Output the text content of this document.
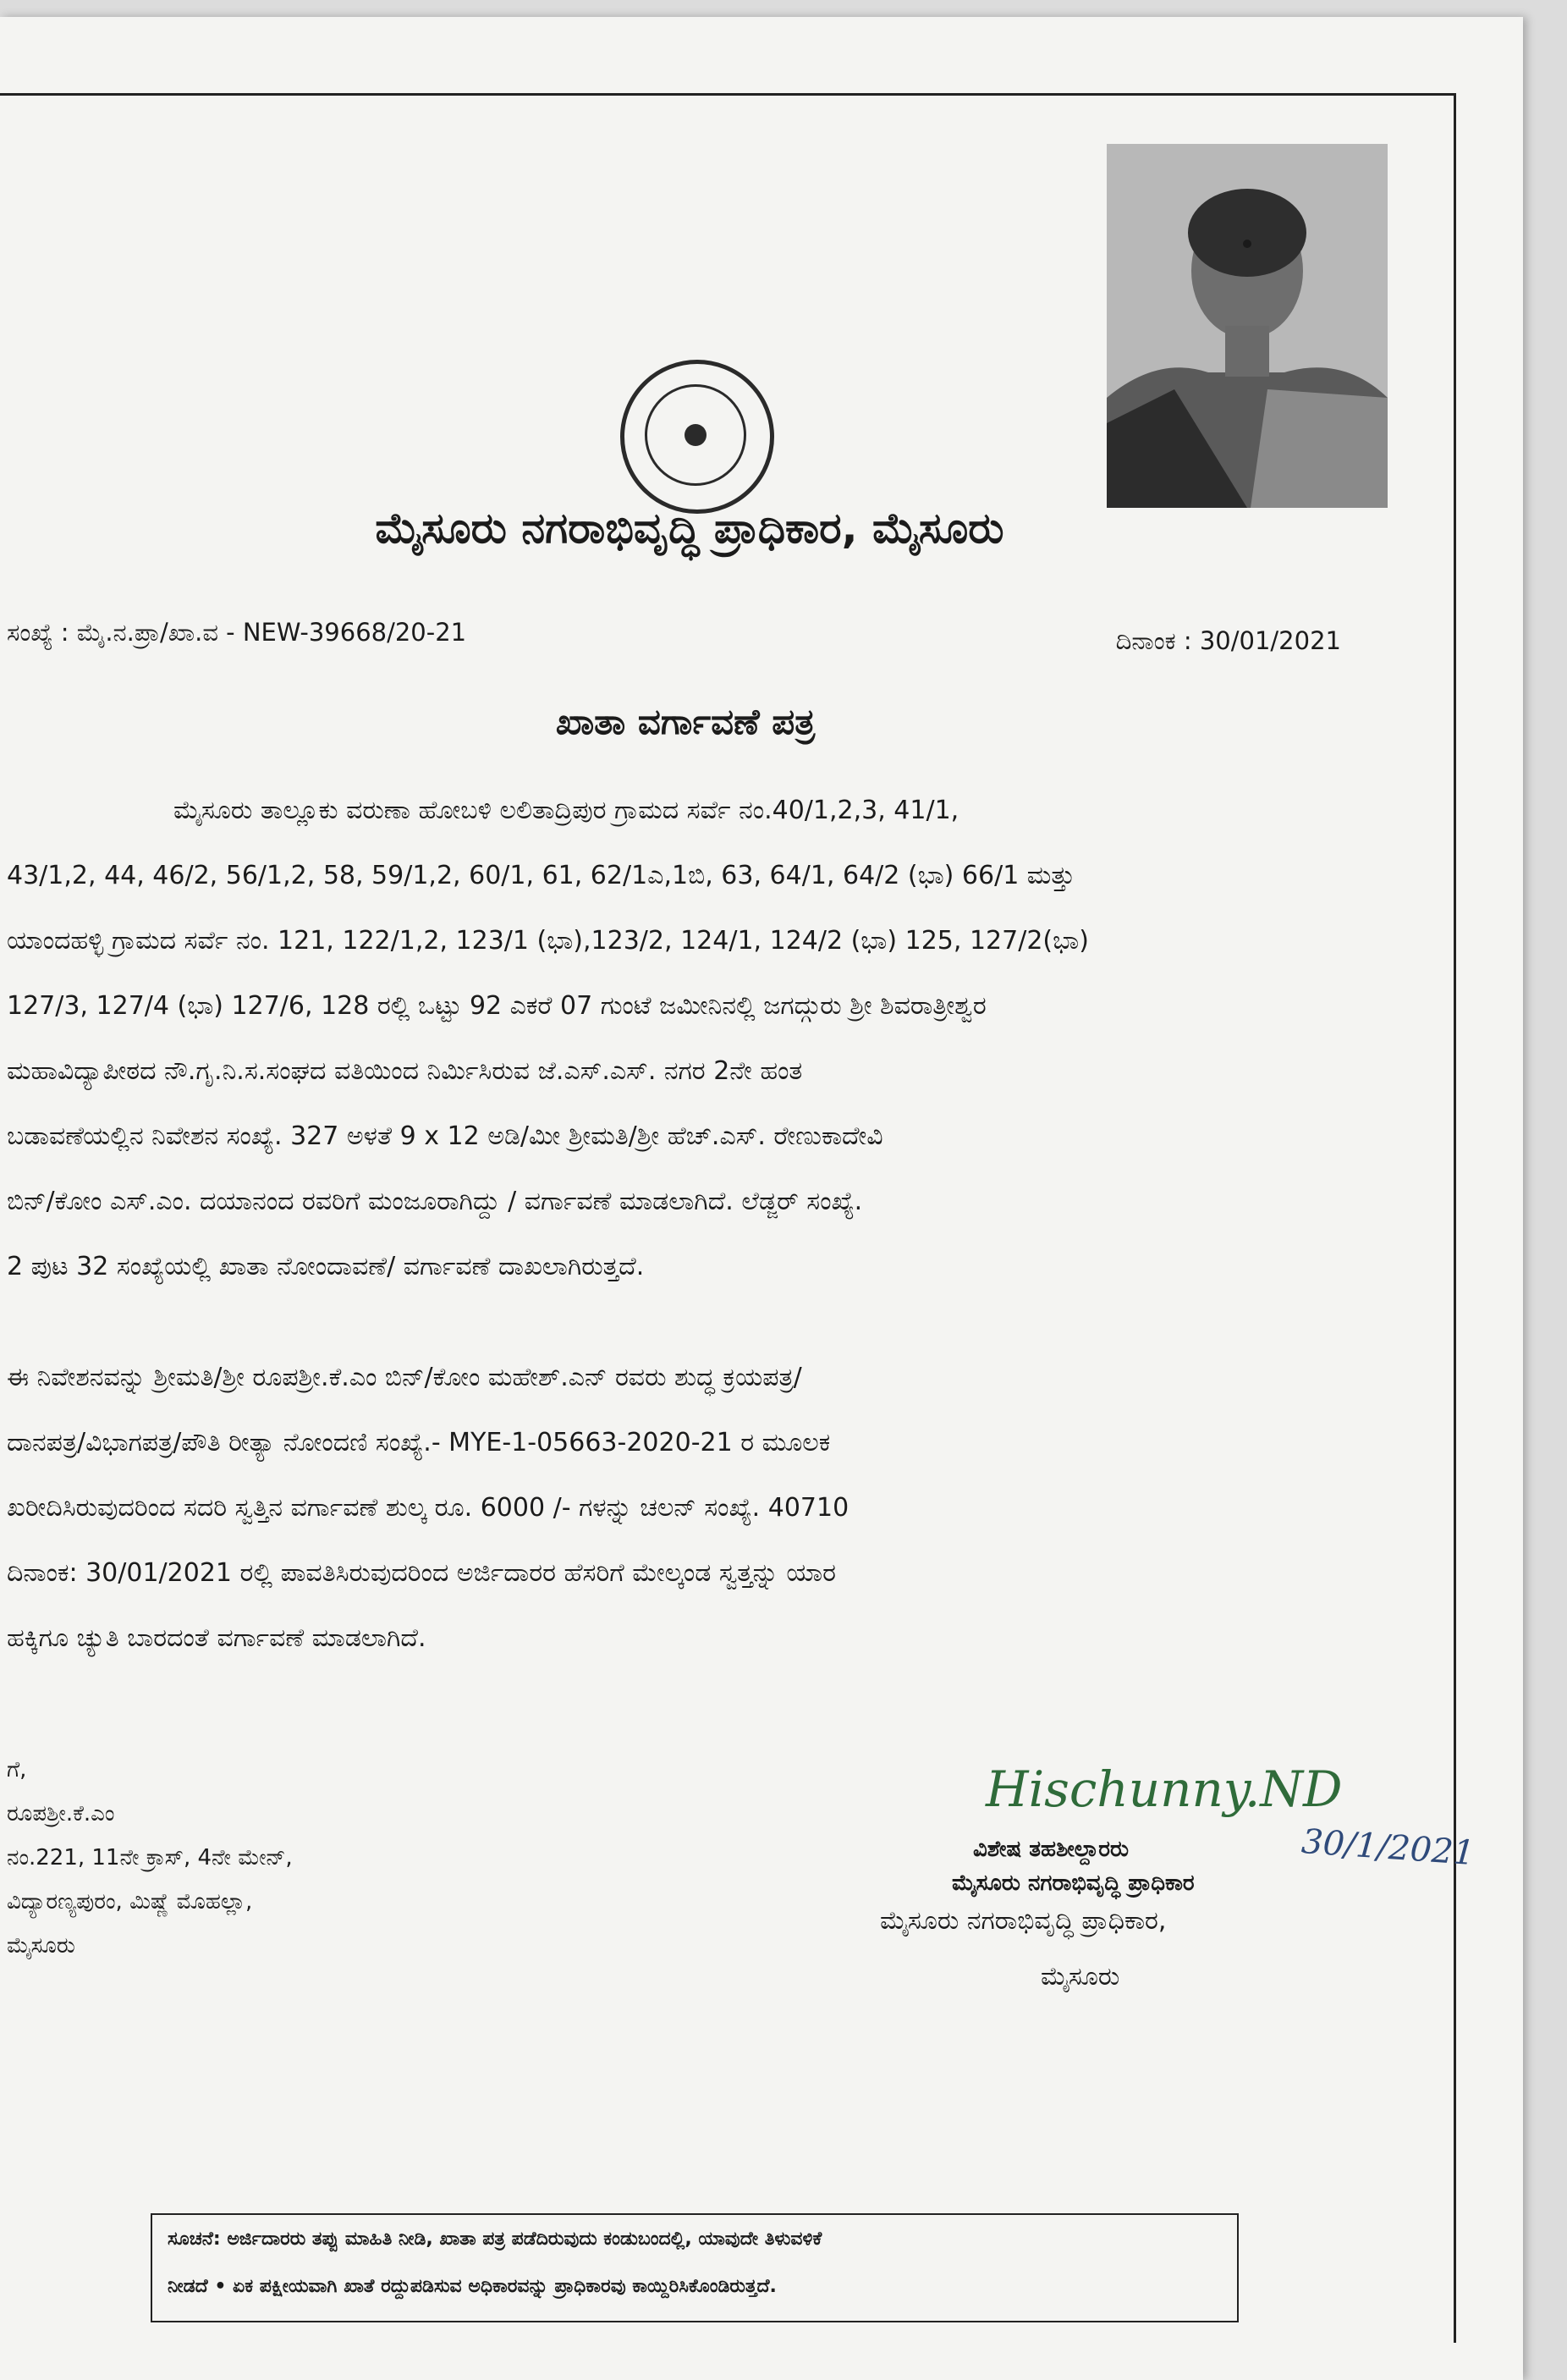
ಮೈಸೂರು ನಗರಾಭಿವೃದ್ಧಿ ಪ್ರಾಧಿಕಾರ, ಮೈಸೂರು
ಸಂಖ್ಯೆ : ಮೈ.ನ.ಪ್ರಾ/ಖಾ.ವ - NEW-39668/20-21	ದಿನಾಂಕ : 30/01/2021
ಖಾತಾ ವರ್ಗಾವಣೆ ಪತ್ರ
ಮೈಸೂರು ತಾಲ್ಲೂಕು ವರುಣಾ ಹೋಬಳಿ ಲಲಿತಾದ್ರಿಪುರ ಗ್ರಾಮದ ಸರ್ವೆ ನಂ.40/1,2,3, 41/1,
43/1,2, 44, 46/2, 56/1,2, 58, 59/1,2, 60/1, 61, 62/1ಎ,1ಬಿ, 63, 64/1, 64/2 (ಭಾ) 66/1 ಮತ್ತು
ಯಾಂದಹಳ್ಳಿ ಗ್ರಾಮದ ಸರ್ವೆ ನಂ. 121, 122/1,2, 123/1 (ಭಾ),123/2, 124/1, 124/2 (ಭಾ) 125, 127/2(ಭಾ)
127/3, 127/4 (ಭಾ) 127/6, 128 ರಲ್ಲಿ ಒಟ್ಟು 92 ಎಕರೆ 07 ಗುಂಟೆ ಜಮೀನಿನಲ್ಲಿ ಜಗದ್ಗುರು ಶ್ರೀ ಶಿವರಾತ್ರೀಶ್ವರ
ಮಹಾವಿದ್ಯಾಪೀಠದ ನೌ.ಗೃ.ನಿ.ಸ.ಸಂಘದ ವತಿಯಿಂದ ನಿರ್ಮಿಸಿರುವ ಜೆ.ಎಸ್.ಎಸ್. ನಗರ 2ನೇ ಹಂತ
ಬಡಾವಣೆಯಲ್ಲಿನ ನಿವೇಶನ ಸಂಖ್ಯೆ. 327 ಅಳತೆ 9 x 12 ಅಡಿ/ಮೀ ಶ್ರೀಮತಿ/ಶ್ರೀ ಹೆಚ್.ಎಸ್. ರೇಣುಕಾದೇವಿ
ಬಿನ್/ಕೋಂ ಎಸ್.ಎಂ. ದಯಾನಂದ ರವರಿಗೆ ಮಂಜೂರಾಗಿದ್ದು / ವರ್ಗಾವಣೆ ಮಾಡಲಾಗಿದೆ. ಲೆಡ್ಜರ್ ಸಂಖ್ಯೆ.
2 ಪುಟ 32 ಸಂಖ್ಯೆಯಲ್ಲಿ ಖಾತಾ ನೋಂದಾವಣೆ/ ವರ್ಗಾವಣೆ ದಾಖಲಾಗಿರುತ್ತದೆ.
ಈ ನಿವೇಶನವನ್ನು ಶ್ರೀಮತಿ/ಶ್ರೀ ರೂಪಶ್ರೀ.ಕೆ.ಎಂ ಬಿನ್/ಕೋಂ ಮಹೇಶ್.ಎನ್ ರವರು ಶುದ್ಧ ಕ್ರಯಪತ್ರ/
ದಾನಪತ್ರ/ವಿಭಾಗಪತ್ರ/ಪೌತಿ ರೀತ್ಯಾ ನೋಂದಣಿ ಸಂಖ್ಯೆ.- MYE-1-05663-2020-21 ರ ಮೂಲಕ
ಖರೀದಿಸಿರುವುದರಿಂದ ಸದರಿ ಸ್ವತ್ತಿನ ವರ್ಗಾವಣೆ ಶುಲ್ಕ ರೂ. 6000 /- ಗಳನ್ನು ಚಲನ್ ಸಂಖ್ಯೆ. 40710
ದಿನಾಂಕ: 30/01/2021 ರಲ್ಲಿ ಪಾವತಿಸಿರುವುದರಿಂದ ಅರ್ಜಿದಾರರ ಹೆಸರಿಗೆ ಮೇಲ್ಕಂಡ ಸ್ವತ್ತನ್ನು ಯಾರ
ಹಕ್ಕಿಗೂ ಚ್ಯುತಿ ಬಾರದಂತೆ ವರ್ಗಾವಣೆ ಮಾಡಲಾಗಿದೆ.
ಗೆ,
ರೂಪಶ್ರೀ.ಕೆ.ಎಂ
ನಂ.221, 11ನೇ ಕ್ರಾಸ್, 4ನೇ ಮೇನ್,
ವಿದ್ಯಾರಣ್ಯಪುರಂ, ಮಿಷ್ಣೆ ಮೊಹಲ್ಲಾ,
ಮೈಸೂರು
Hischunny.ND
30/1/2021
ವಿಶೇಷ ತಹಶೀಲ್ದಾರರು
ಮೈಸೂರು ನಗರಾಭಿವೃದ್ಧಿ ಪ್ರಾಧಿಕಾರ
ಮೈಸೂರು ನಗರಾಭಿವೃದ್ಧಿ ಪ್ರಾಧಿಕಾರ,
ಮೈಸೂರು
ಸೂಚನೆ: ಅರ್ಜಿದಾರರು ತಪ್ಪು ಮಾಹಿತಿ ನೀಡಿ, ಖಾತಾ ಪತ್ರ ಪಡೆದಿರುವುದು ಕಂಡುಬಂದಲ್ಲಿ, ಯಾವುದೇ ತಿಳುವಳಿಕೆ
ನೀಡದೆ • ಏಕ ಪಕ್ಷೀಯವಾಗಿ ಖಾತೆ ರದ್ದುಪಡಿಸುವ ಅಧಿಕಾರವನ್ನು ಪ್ರಾಧಿಕಾರವು ಕಾಯ್ದಿರಿಸಿಕೊಂಡಿರುತ್ತದೆ.
